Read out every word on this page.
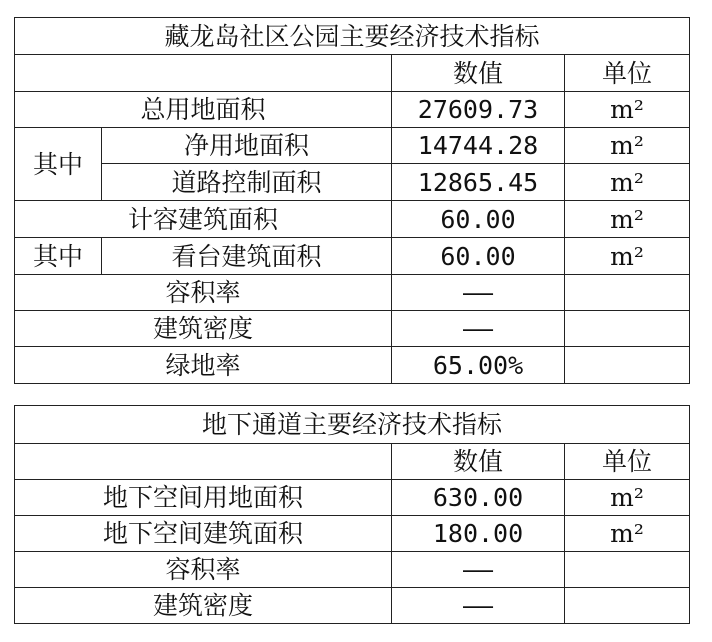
藏龙岛社区公园主要经济技术指标			
		数值	单位
总用地面积		27609.73	m²
其中	净用地面积	14744.28	m²
	道路控制面积	12865.45	m²
计容建筑面积		60.00	m²
其中	看台建筑面积	60.00	m²
容积率		——	
建筑密度		——	
绿地率		65.00%	
地下通道主要经济技术指标		
	数值	单位
地下空间用地面积	630.00	m²
地下空间建筑面积	180.00	m²
容积率	——	
建筑密度	——	
